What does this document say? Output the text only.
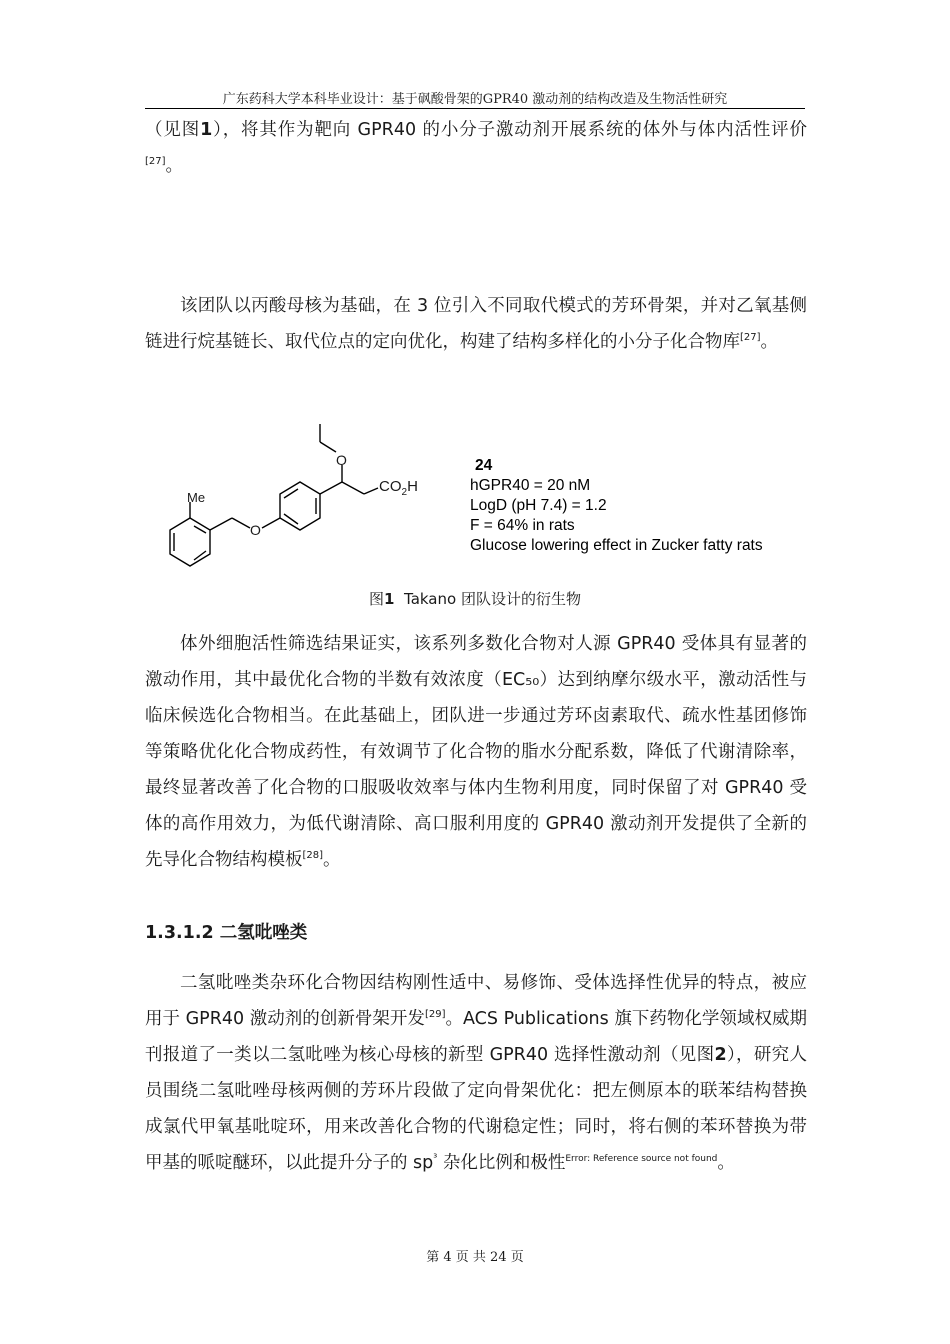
广东药科大学本科毕业设计：基于砜酸骨架的GPR40 激动剂的结构改造及生物活性研究

（见图1），将其作为靶向 GPR40 的小分子激动剂开展系统的体外与体内活性评价[27]。

该团队以丙酸母核为基础，在 3 位引入不同取代模式的芳环骨架，并对乙氧基侧链进行烷基链长、取代位点的定向优化，构建了结构多样化的小分子化合物库[27]。

Me
O
O
$CO_2H$
24
hGPR40 = 20 nM
LogD (pH 7.4) = 1.2
F = 64% in rats
Glucose lowering effect in Zucker fatty rats
图1 Takano 团队设计的衍生物

体外细胞活性筛选结果证实，该系列多数化合物对人源 GPR40 受体具有显著的激动作用，其中最优化合物的半数有效浓度（EC₅₀）达到纳摩尔级水平，激动活性与临床候选化合物相当。在此基础上，团队进一步通过芳环卤素取代、疏水性基团修饰等策略优化化合物成药性，有效调节了化合物的脂水分配系数，降低了代谢清除率，最终显著改善了化合物的口服吸收效率与体内生物利用度，同时保留了对 GPR40 受体的高作用效力，为低代谢清除、高口服利用度的 GPR40 激动剂开发提供了全新的先导化合物结构模板[28]。

1.3.1.2 二氢吡唑类

二氢吡唑类杂环化合物因结构刚性适中、易修饰、受体选择性优异的特点，被应用于 GPR40 激动剂的创新骨架开发[29]。ACS Publications 旗下药物化学领域权威期刊报道了一类以二氢吡唑为核心母核的新型 GPR40 选择性激动剂（见图2），研究人员围绕二氢吡唑母核两侧的芳环片段做了定向骨架优化：把左侧原本的联苯结构替换成氯代甲氧基吡啶环，用来改善化合物的代谢稳定性；同时，将右侧的苯环替换为带甲基的哌啶醚环，以此提升分子的 $sp^{^3}$ 杂化比例和极性$^{Error: Reference source not found}$。

第 4 页 共 24 页
